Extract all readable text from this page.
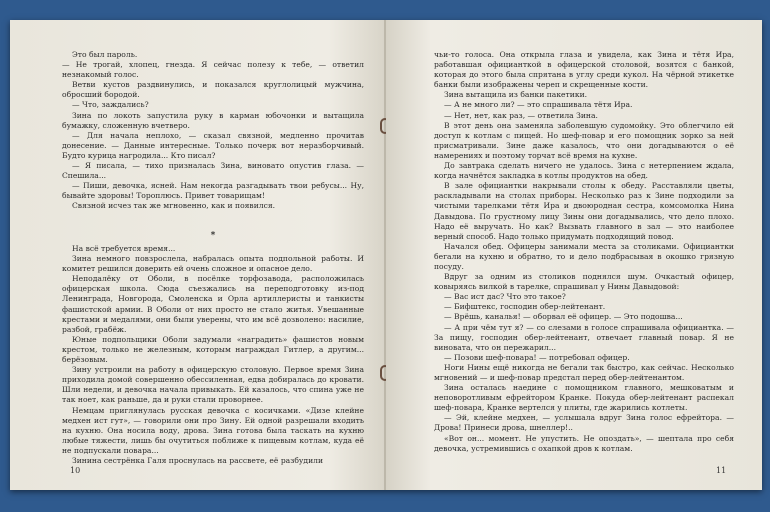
Это был пароль.

— Не трогай, хлопец, гнезда. Я сейчас полезу к тебе, — ответил незнакомый голос.

Ветви кустов раздвинулись, и показался круглолицый мужчина, обросший бородой.

— Что, заждались?

Зина по локоть запустила руку в карман юбочонки и вытащила бумажку, сложенную вчетверо.

— Для начала неплохо, — сказал связной, медленно прочитав донесение. — Данные интересные. Только почерк вот неразборчивый. Будто курица нагродила... Кто писал?

— Я писала, — тихо призналась Зина, виновато опустив глаза. — Спешила...

— Пиши, девочка, ясней. Нам некогда разгадывать твои ребусы... Ну, бывайте здоровы! Тороплюсь. Привет товарищам!

Связной исчез так же мгновенно, как и появился.

*

На всё требуется время...

Зина немного повзрослела, набралась опыта подпольной работы. И комитет решился доверить ей очень сложное и опасное дело.

Неподалёку от Оболи, в посёлке торфозавода, расположилась офицерская школа. Сюда съезжались на переподготовку из-под Ленинграда, Новгорода, Смоленска и Орла артиллеристы и танкисты фашистской армии. В Оболи от них просто не стало житья. Увешанные крестами и медалями, они были уверены, что им всё дозволено: насилие, разбой, грабёж.

Юные подпольщики Оболи задумали «наградить» фашистов новым крестом, только не железным, которым награждал Гитлер, а другим... берёзовым.

Зину устроили на работу в офицерскую столовую. Первое время Зина приходила домой совершенно обессиленная, едва добиралась до кровати. Шли недели, и девочка начала привыкать. Ей казалось, что спина уже не так ноет, как раньше, да и руки стали проворнее.

Немцам приглянулась русская девочка с косичками. «Дизе клейне медхен ист гут», — говорили они про Зину. Ей одной разрешали входить на кухню. Она носила воду, дрова. Зина готова была таскать на кухню любые тяжести, лишь бы очутиться поближе к пищевым котлам, куда её не подпускали повара...

Зинина сестрёнка Галя проснулась на рассвете, её разбудили

10

чьи-то голоса. Она открыла глаза и увидела, как Зина и тётя Ира, работавшая официанткой в офицерской столовой, возятся с банкой, которая до этого была спрятана в углу среди кукол. На чёрной этикетке банки были изображены череп и скрещенные кости.

Зина вытащила из банки пакетики.

— А не много ли? — это спрашивала тётя Ира.

— Нет, нет, как раз, — ответила Зина.

В этот день она заменяла заболевшую судомойку. Это облегчило ей доступ к котлам с пищей. Но шеф-повар и его помощник зорко за ней присматривали. Зине даже казалось, что они догадываются о её намерениях и поэтому торчат всё время на кухне.

До завтрака сделать ничего не удалось. Зина с нетерпением ждала, когда начнётся закладка в котлы продуктов на обед.

В зале официантки накрывали столы к обеду. Расставляли цветы, раскладывали на столах приборы. Несколько раз к Зине подходили за чистыми тарелками тётя Ира и двоюродная сестра, комсомолка Нина Давыдова. По грустному лицу Зины они догадывались, что дело плохо. Надо её выручать. Но как? Вызвать главного в зал — это наиболее верный способ. Надо только придумать подходящий повод.

Начался обед. Офицеры занимали места за столиками. Официантки бегали на кухню и обратно, то и дело подбрасывая в окошко грязную посуду.

Вдруг за одним из столиков поднялся шум. Очкастый офицер, ковыряясь вилкой в тарелке, спрашивал у Нины Давыдовой:

— Вас ист дас? Что это такое?

— Бифштекс, господин обер-лейтенант.

— Врёшь, каналья! — оборвал её офицер. — Это подошва...

— А при чём тут я? — со слезами в голосе спрашивала официантка. — За пищу, господин обер-лейтенант, отвечает главный повар. Я не виновата, что он пережарил...

— Позови шеф-повара! — потребовал офицер.

Ноги Нины ещё никогда не бегали так быстро, как сейчас. Несколько мгновений — и шеф-повар предстал перед обер-лейтенантом.

Зина осталась наедине с помощником главного, мешковатым и неповоротливым ефрейтором Кранке. Покуда обер-лейтенант распекал шеф-повара, Кранке вертелся у плиты, где жарились котлеты.

— Эй, клейне медхен, — услышала вдруг Зина голос ефрейтора. — Дрова! Принеси дрова, шнеллер!..

«Вот он... момент. Не упустить. Не опоздать», — шептала про себя девочка, устремившись с охапкой дров к котлам.

11
